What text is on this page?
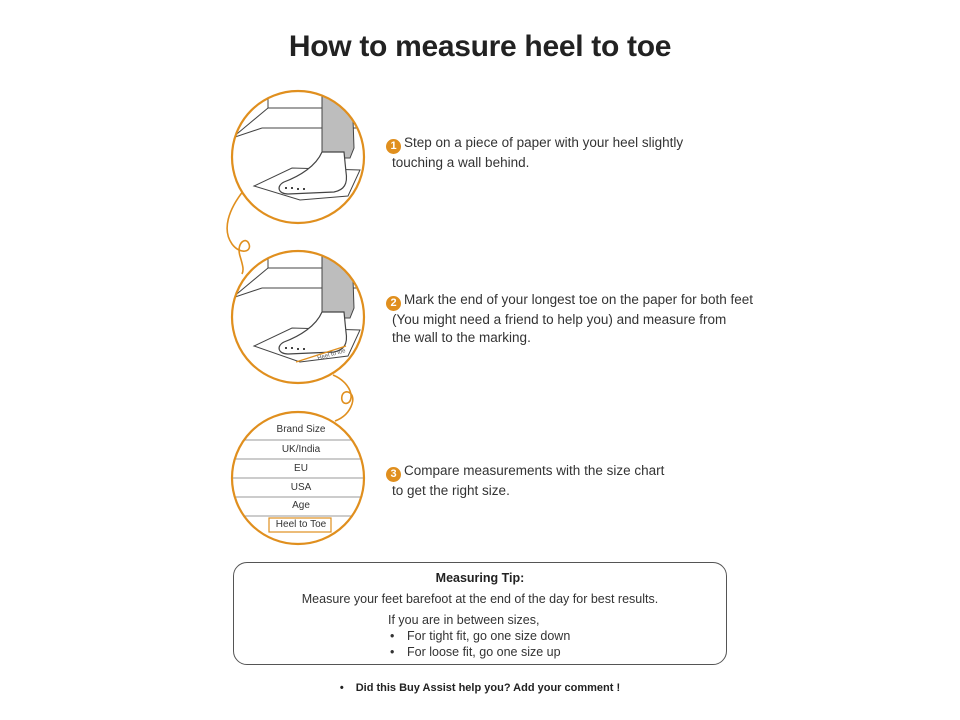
How to measure heel to toe
Heel to toe
Brand Size
UK/India
EU
USA
Age
Heel to Toe
1 Step on a piece of paper with your heel slightly
touching a wall behind.
2 Mark the end of your longest toe on the paper for both feet
(You might need a friend to help you) and measure from
the wall to the marking.
3 Compare measurements with the size chart
to get the right size.
Measuring Tip:
Measure your feet barefoot at the end of the day for best results.
If you are in between sizes,
• For tight fit, go one size down
• For loose fit, go one size up
• Did this Buy Assist help you? Add your comment !
